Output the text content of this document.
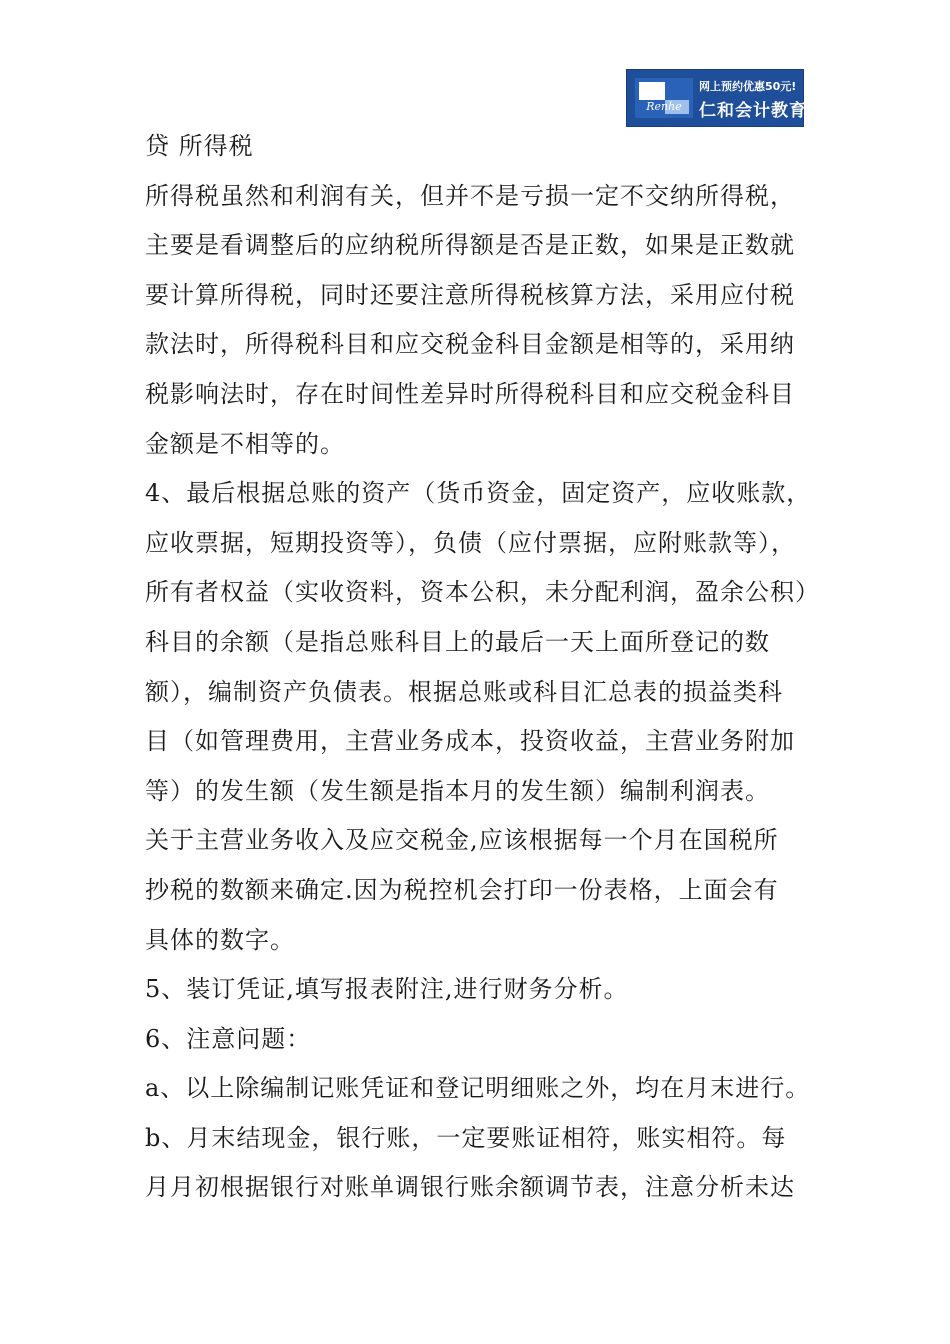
Renhe
网上预约优惠50元!
仁和会计教育
贷 所得税
所得税虽然和利润有关，但并不是亏损一定不交纳所得税，
主要是看调整后的应纳税所得额是否是正数，如果是正数就
要计算所得税，同时还要注意所得税核算方法，采用应付税
款法时，所得税科目和应交税金科目金额是相等的，采用纳
税影响法时，存在时间性差异时所得税科目和应交税金科目
金额是不相等的。
4、最后根据总账的资产（货币资金，固定资产，应收账款，
应收票据，短期投资等），负债（应付票据，应附账款等），
所有者权益（实收资料，资本公积，未分配利润，盈余公积）
科目的余额（是指总账科目上的最后一天上面所登记的数
额），编制资产负债表。根据总账或科目汇总表的损益类科
目（如管理费用，主营业务成本，投资收益，主营业务附加
等）的发生额（发生额是指本月的发生额）编制利润表。
关于主营业务收入及应交税金,应该根据每一个月在国税所
抄税的数额来确定.因为税控机会打印一份表格，上面会有
具体的数字。
5、装订凭证,填写报表附注,进行财务分析。
6、注意问题：
a、以上除编制记账凭证和登记明细账之外，均在月末进行。
b、月末结现金，银行账，一定要账证相符，账实相符。每
月月初根据银行对账单调银行账余额调节表，注意分析未达
